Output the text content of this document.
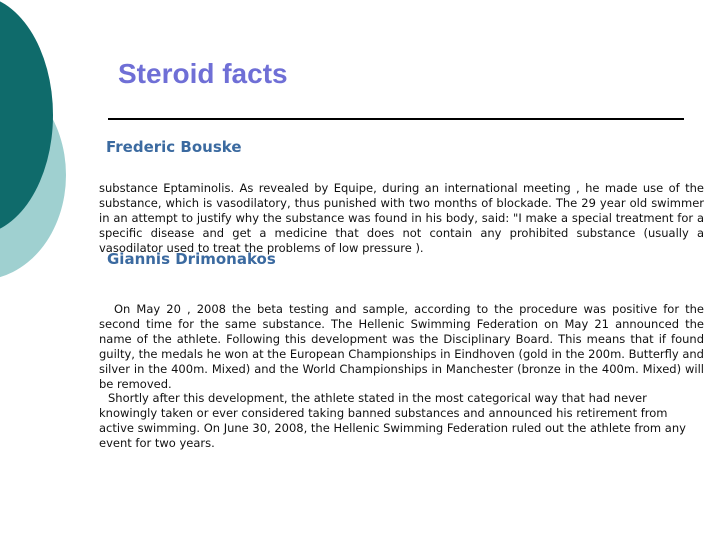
Steroid facts
Frederic Bouske

substance Eptaminolis. As revealed by Equipe, during an international meeting , he made use of the substance, which is vasodilatory, thus punished with two months of blockade. The 29 year old swimmer in an attempt to justify why the substance was found in his body, said: "I make a special treatment for a specific disease and get a medicine that does not contain any prohibited substance (usually a vasodilator used to treat the problems of low pressure ).

Giannis Drimonakos

On May 20 , 2008 the beta testing and sample, according to the procedure was positive for the second time for the same substance. The Hellenic Swimming Federation on May 21 announced the name of the athlete. Following this development was the Disciplinary Board. This means that if found guilty, the medals he won at the European Championships in Eindhoven (gold in the 200m. Butterfly and silver in the 400m. Mixed) and the World Championships in Manchester (bronze in the 400m. Mixed) will be removed.

Shortly after this development, the athlete stated in the most categorical way that had never knowingly taken or ever considered taking banned substances and announced his retirement from active swimming. On June 30, 2008, the Hellenic Swimming Federation ruled out the athlete from any event for two years.
